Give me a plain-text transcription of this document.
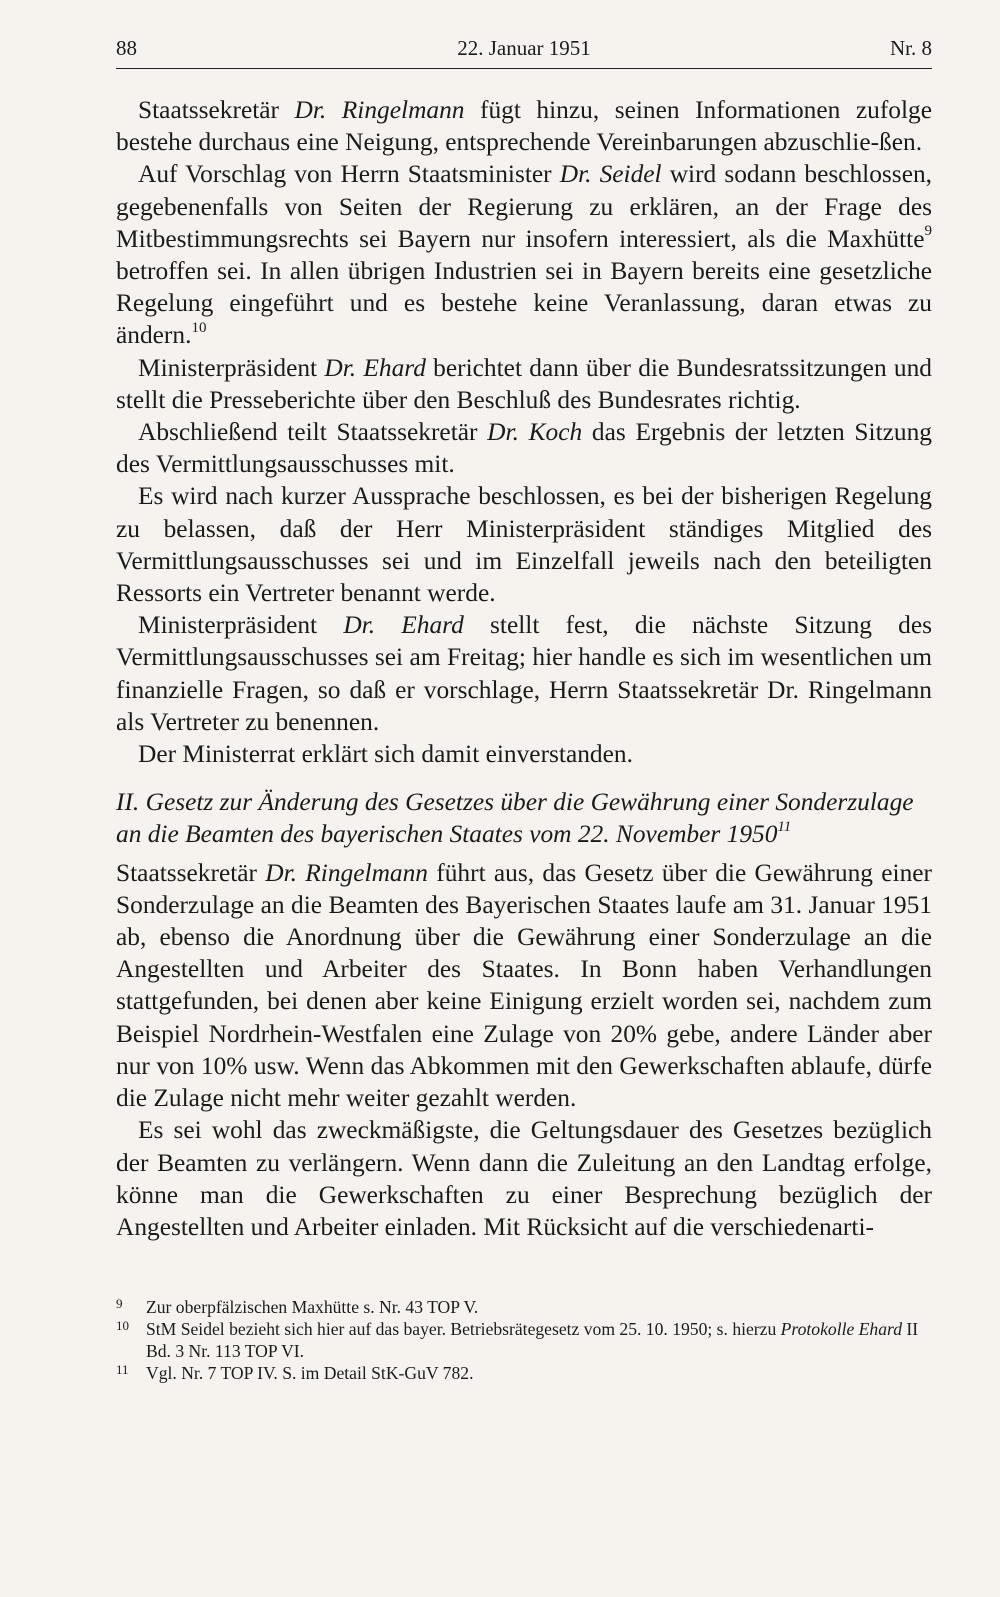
88	22. Januar 1951	Nr. 8

Staatssekretär Dr. Ringelmann fügt hinzu, seinen Informationen zufolge bestehe durchaus eine Neigung, entsprechende Vereinbarungen abzuschlie-ßen.

Auf Vorschlag von Herrn Staatsminister Dr. Seidel wird sodann beschlossen, gegebenenfalls von Seiten der Regierung zu erklären, an der Frage des Mitbestimmungsrechts sei Bayern nur insofern interessiert, als die Maxhütte$^9$ betroffen sei. In allen übrigen Industrien sei in Bayern bereits eine gesetzliche Regelung eingeführt und es bestehe keine Veranlassung, daran etwas zu ändern.$^{10}$

Ministerpräsident Dr. Ehard berichtet dann über die Bundesratssitzungen und stellt die Presseberichte über den Beschluß des Bundesrates richtig.

Abschließend teilt Staatssekretär Dr. Koch das Ergebnis der letzten Sitzung des Vermittlungsausschusses mit.

Es wird nach kurzer Aussprache beschlossen, es bei der bisherigen Regelung zu belassen, daß der Herr Ministerpräsident ständiges Mitglied des Vermittlungsausschusses sei und im Einzelfall jeweils nach den beteiligten Ressorts ein Vertreter benannt werde.

Ministerpräsident Dr. Ehard stellt fest, die nächste Sitzung des Vermittlungsausschusses sei am Freitag; hier handle es sich im wesentlichen um finanzielle Fragen, so daß er vorschlage, Herrn Staatssekretär Dr. Ringelmann als Vertreter zu benennen.

Der Ministerrat erklärt sich damit einverstanden.

II. Gesetz zur Änderung des Gesetzes über die Gewährung einer Sonderzulage an die Beamten des bayerischen Staates vom 22. November 1950$^{11}$

Staatssekretär Dr. Ringelmann führt aus, das Gesetz über die Gewährung einer Sonderzulage an die Beamten des Bayerischen Staates laufe am 31. Januar 1951 ab, ebenso die Anordnung über die Gewährung einer Sonderzulage an die Angestellten und Arbeiter des Staates. In Bonn haben Verhandlungen stattgefunden, bei denen aber keine Einigung erzielt worden sei, nachdem zum Beispiel Nordrhein-Westfalen eine Zulage von 20% gebe, andere Länder aber nur von 10% usw. Wenn das Abkommen mit den Gewerkschaften ablaufe, dürfe die Zulage nicht mehr weiter gezahlt werden.

Es sei wohl das zweckmäßigste, die Geltungsdauer des Gesetzes bezüglich der Beamten zu verlängern. Wenn dann die Zuleitung an den Landtag erfolge, könne man die Gewerkschaften zu einer Besprechung bezüglich der Angestellten und Arbeiter einladen. Mit Rücksicht auf die verschiedenarti-

9 Zur oberpfälzischen Maxhütte s. Nr. 43 TOP V.

10 StM Seidel bezieht sich hier auf das bayer. Betriebsrätegesetz vom 25. 10. 1950; s. hierzu Protokolle Ehard II Bd. 3 Nr. 113 TOP VI.

11 Vgl. Nr. 7 TOP IV. S. im Detail StK-GuV 782.
